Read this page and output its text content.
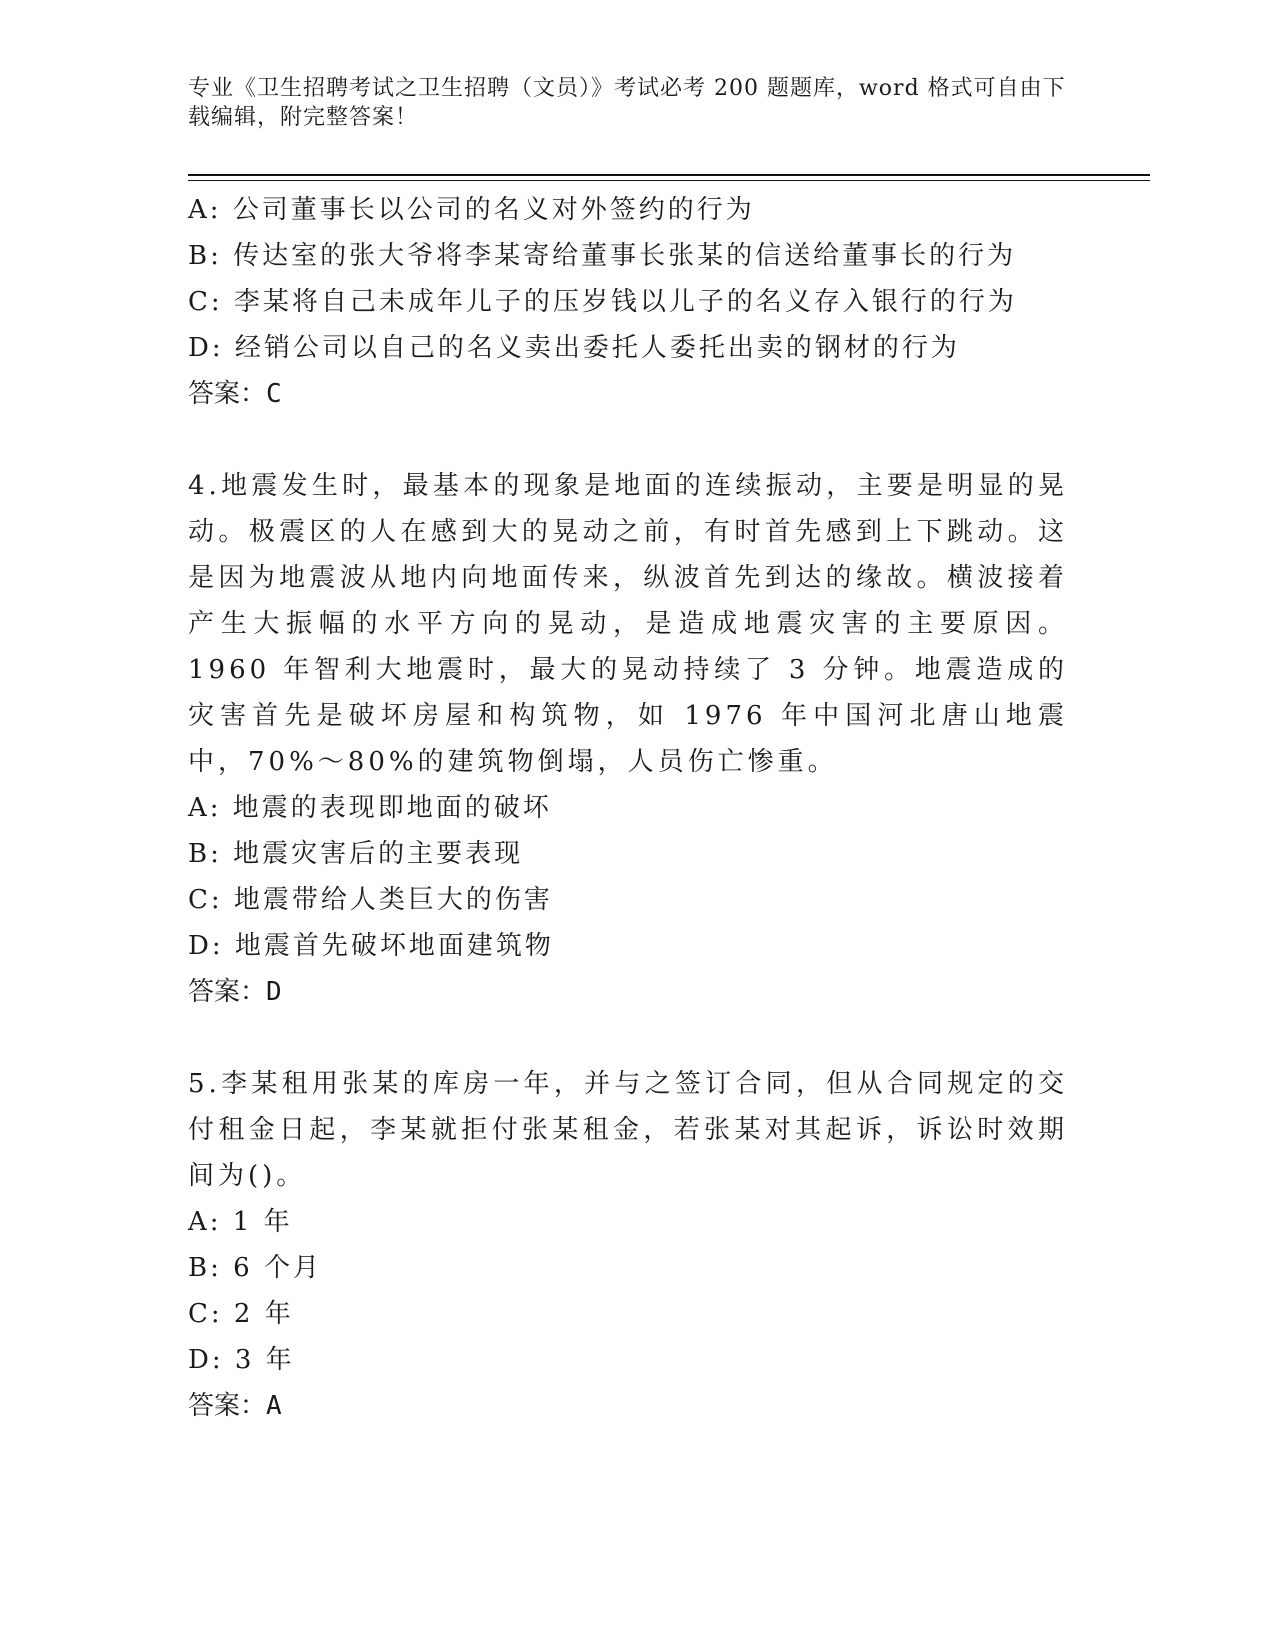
专业《卫生招聘考试之卫生招聘（文员）》考试必考 200 题题库，word 格式可自由下载编辑，附完整答案！
A: 公司董事长以公司的名义对外签约的行为
B: 传达室的张大爷将李某寄给董事长张某的信送给董事长的行为
C: 李某将自己未成年儿子的压岁钱以儿子的名义存入银行的行为
D: 经销公司以自己的名义卖出委托人委托出卖的钢材的行为
答案：C
4.地震发生时，最基本的现象是地面的连续振动，主要是明显的晃动。极震区的人在感到大的晃动之前，有时首先感到上下跳动。这是因为地震波从地内向地面传来，纵波首先到达的缘故。横波接着产生大振幅的水平方向的晃动，是造成地震灾害的主要原因。1960 年智利大地震时，最大的晃动持续了 3 分钟。地震造成的灾害首先是破坏房屋和构筑物，如 1976 年中国河北唐山地震中，70%～80%的建筑物倒塌，人员伤亡惨重。
A: 地震的表现即地面的破坏
B: 地震灾害后的主要表现
C: 地震带给人类巨大的伤害
D: 地震首先破坏地面建筑物
答案：D
5.李某租用张某的库房一年，并与之签订合同，但从合同规定的交付租金日起，李某就拒付张某租金，若张某对其起诉，诉讼时效期间为()。
A: 1 年
B: 6 个月
C: 2 年
D: 3 年
答案：A
